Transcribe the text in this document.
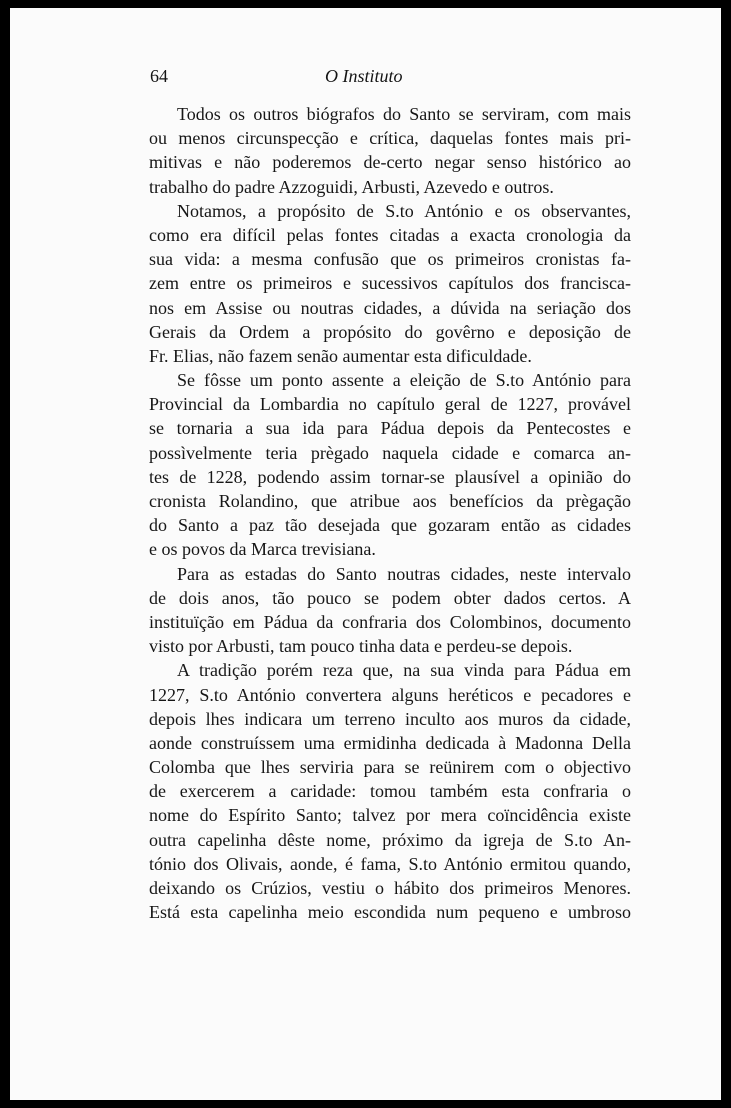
64	O Instituto
Todos os outros biógrafos do Santo se serviram, com mais
ou menos circunspecção e crítica, daquelas fontes mais pri-
mitivas e não poderemos de-certo negar senso histórico ao
trabalho do padre Azzoguidi, Arbusti, Azevedo e outros.
Notamos, a propósito de S.to António e os observantes,
como era difícil pelas fontes citadas a exacta cronologia da
sua vida: a mesma confusão que os primeiros cronistas fa-
zem entre os primeiros e sucessivos capítulos dos francisca-
nos em Assise ou noutras cidades, a dúvida na seriação dos
Gerais da Ordem a propósito do govêrno e deposição de
Fr. Elias, não fazem senão aumentar esta dificuldade.
Se fôsse um ponto assente a eleição de S.to António para
Provincial da Lombardia no capítulo geral de 1227, provável
se tornaria a sua ida para Pádua depois da Pentecostes e
possìvelmente teria prègado naquela cidade e comarca an-
tes de 1228, podendo assim tornar-se plausível a opinião do
cronista Rolandino, que atribue aos benefícios da prègação
do Santo a paz tão desejada que gozaram então as cidades
e os povos da Marca trevisiana.
Para as estadas do Santo noutras cidades, neste intervalo
de dois anos, tão pouco se podem obter dados certos. A
instituïção em Pádua da confraria dos Colombinos, documento
visto por Arbusti, tam pouco tinha data e perdeu-se depois.
A tradição porém reza que, na sua vinda para Pádua em
1227, S.to António convertera alguns heréticos e pecadores e
depois lhes indicara um terreno inculto aos muros da cidade,
aonde construíssem uma ermidinha dedicada à Madonna Della
Colomba que lhes serviria para se reünirem com o objectivo
de exercerem a caridade: tomou também esta confraria o
nome do Espírito Santo; talvez por mera coïncidência existe
outra capelinha dêste nome, próximo da igreja de S.to An-
tónio dos Olivais, aonde, é fama, S.to António ermitou quando,
deixando os Crúzios, vestiu o hábito dos primeiros Menores.
Está esta capelinha meio escondida num pequeno e umbroso
